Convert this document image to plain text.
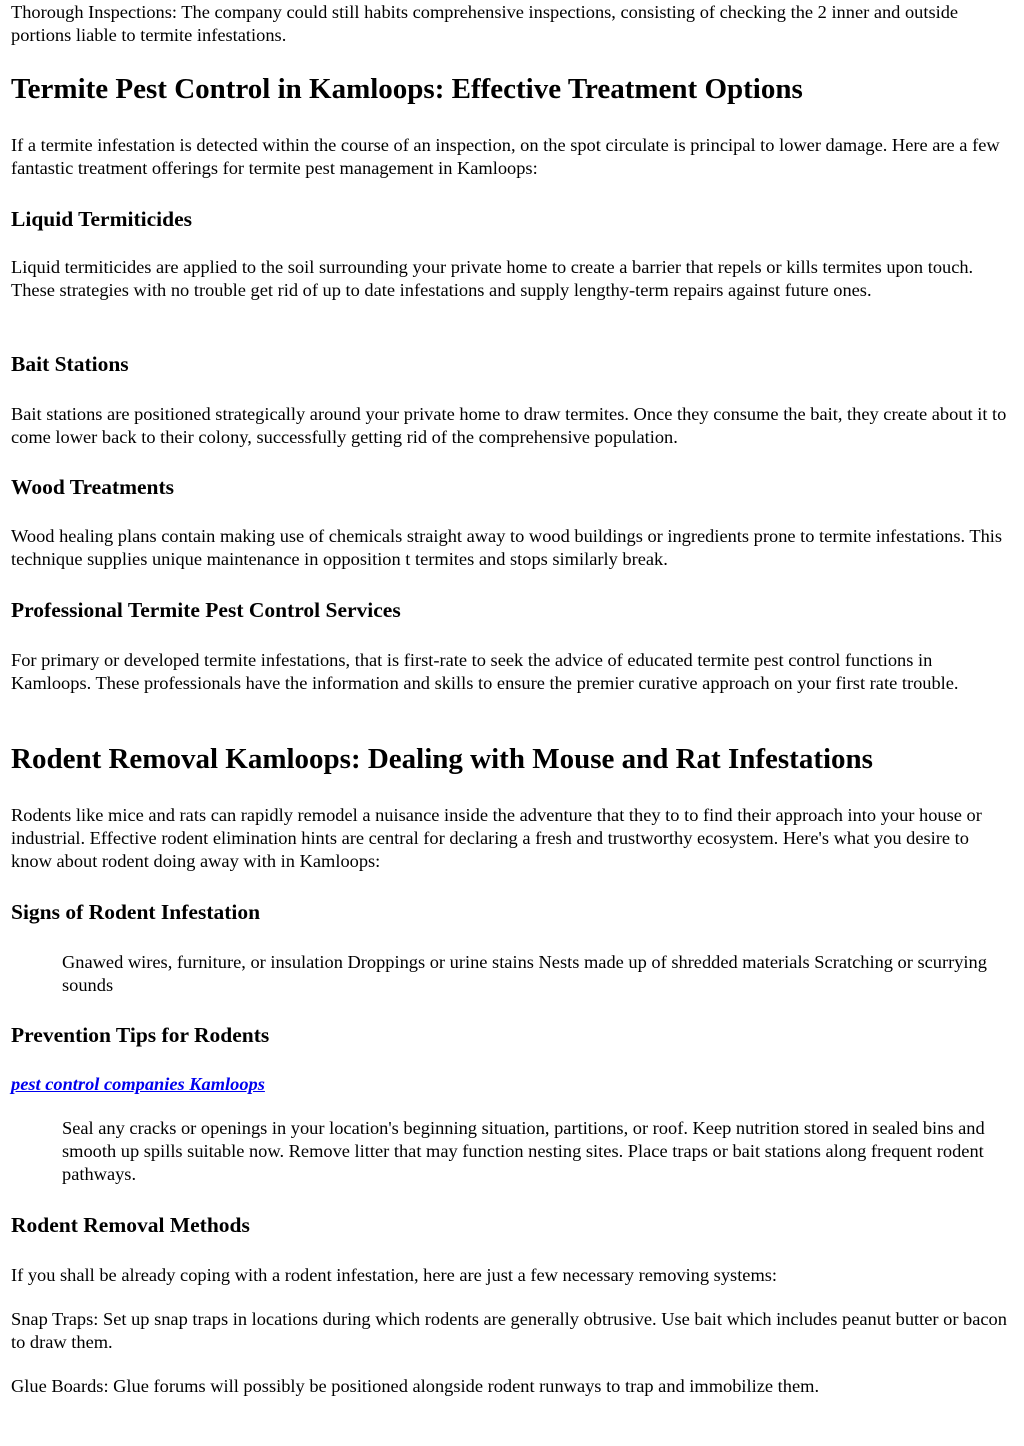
Thorough Inspections: The company could still habits comprehensive inspections, consisting of checking the 2 inner and outside portions liable to termite infestations.

Termite Pest Control in Kamloops: Effective Treatment Options

If a termite infestation is detected within the course of an inspection, on the spot circulate is principal to lower damage. Here are a few fantastic treatment offerings for termite pest management in Kamloops:

Liquid Termiticides

Liquid termiticides are applied to the soil surrounding your private home to create a barrier that repels or kills termites upon touch. These strategies with no trouble get rid of up to date infestations and supply lengthy-term repairs against future ones.

Bait Stations

Bait stations are positioned strategically around your private home to draw termites. Once they consume the bait, they create about it to come lower back to their colony, successfully getting rid of the comprehensive population.

Wood Treatments

Wood healing plans contain making use of chemicals straight away to wood buildings or ingredients prone to termite infestations. This technique supplies unique maintenance in opposition t termites and stops similarly break.

Professional Termite Pest Control Services

For primary or developed termite infestations, that is first-rate to seek the advice of educated termite pest control functions in Kamloops. These professionals have the information and skills to ensure the premier curative approach on your first rate trouble.

Rodent Removal Kamloops: Dealing with Mouse and Rat Infestations

Rodents like mice and rats can rapidly remodel a nuisance inside the adventure that they to to find their approach into your house or industrial. Effective rodent elimination hints are central for declaring a fresh and trustworthy ecosystem. Here's what you desire to know about rodent doing away with in Kamloops:

Signs of Rodent Infestation

Gnawed wires, furniture, or insulation Droppings or urine stains Nests made up of shredded materials Scratching or scurrying sounds

Prevention Tips for Rodents
pest control companies Kamloops

Seal any cracks or openings in your location's beginning situation, partitions, or roof. Keep nutrition stored in sealed bins and smooth up spills suitable now. Remove litter that may function nesting sites. Place traps or bait stations along frequent rodent pathways.

Rodent Removal Methods

If you shall be already coping with a rodent infestation, here are just a few necessary removing systems:

Snap Traps: Set up snap traps in locations during which rodents are generally obtrusive. Use bait which includes peanut butter or bacon to draw them.

Glue Boards: Glue forums will possibly be positioned alongside rodent runways to trap and immobilize them.
